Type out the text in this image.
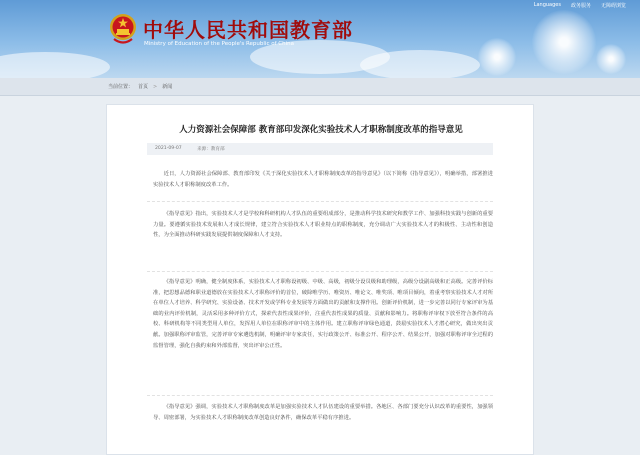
Languages 政务服务 无障碍浏览
中华人民共和国教育部
Ministry of Education of the People's Republic of China
当前位置： 首页 > 新闻
人力资源社会保障部 教育部印发深化实验技术人才职称制度改革的指导意见
2021-09-07	来源：教育部

近日，人力资源社会保障部、教育部印发《关于深化实验技术人才职称制度改革的指导意见》（以下简称《指导意见》），明确举措，部署推进实验技术人才职称制度改革工作。

《指导意见》指出，实验技术人才是学校和科研机构人才队伍的重要组成部分，是推动科学技术研究和教学工作、加强科技实践与创新的重要力量。要遵循实验技术发展和人才成长规律，建立符合实验技术人才职业特点的职称制度，充分调动广大实验技术人才的积极性、主动性和创造性，为全面推动科研实践发展提供制度保障和人才支持。

《指导意见》明确，健全制度体系，实验技术人才职称设初级、中级、高级，初级分设员级和助理级，高级分设副高级和正高级。完善评价标准，把思想品德和职业道德放在实验技术人才职称评价的首位，破除唯学历、唯资历、唯论文、唯奖项、唯项目倾向，着重考察实验技术人才对所在单位人才培养、科学研究、实验设备、技术开发或学科专业发展等方面做出的贡献和支撑作用。创新评价机制，进一步完善以同行专家评审为基础的业内评价机制，灵活采用多种评价方式，探索代表性成果评价，注重代表性成果的质量、贡献和影响力。将职称评审权下放至符合条件的高校、科研机构等不同类型用人单位，发挥用人单位在职称评审中的主体作用。建立职称评审绿色通道，鼓励实验技术人才潜心研究，做出突出贡献。加强职称评审监管，完善评审专家遴选机制，明确评审专家责任，实行政策公开、标准公开、程序公开、结果公开，加强对职称评审全过程的监督管理，强化自我约束和外部监督，突出评审公正性。

《指导意见》强调，实验技术人才职称制度改革是加强实验技术人才队伍建设的重要举措。各地区、各部门要充分认识改革的重要性，加强领导、周密部署，为实验技术人才职称制度改革创造良好条件，确保改革平稳有序推进。
